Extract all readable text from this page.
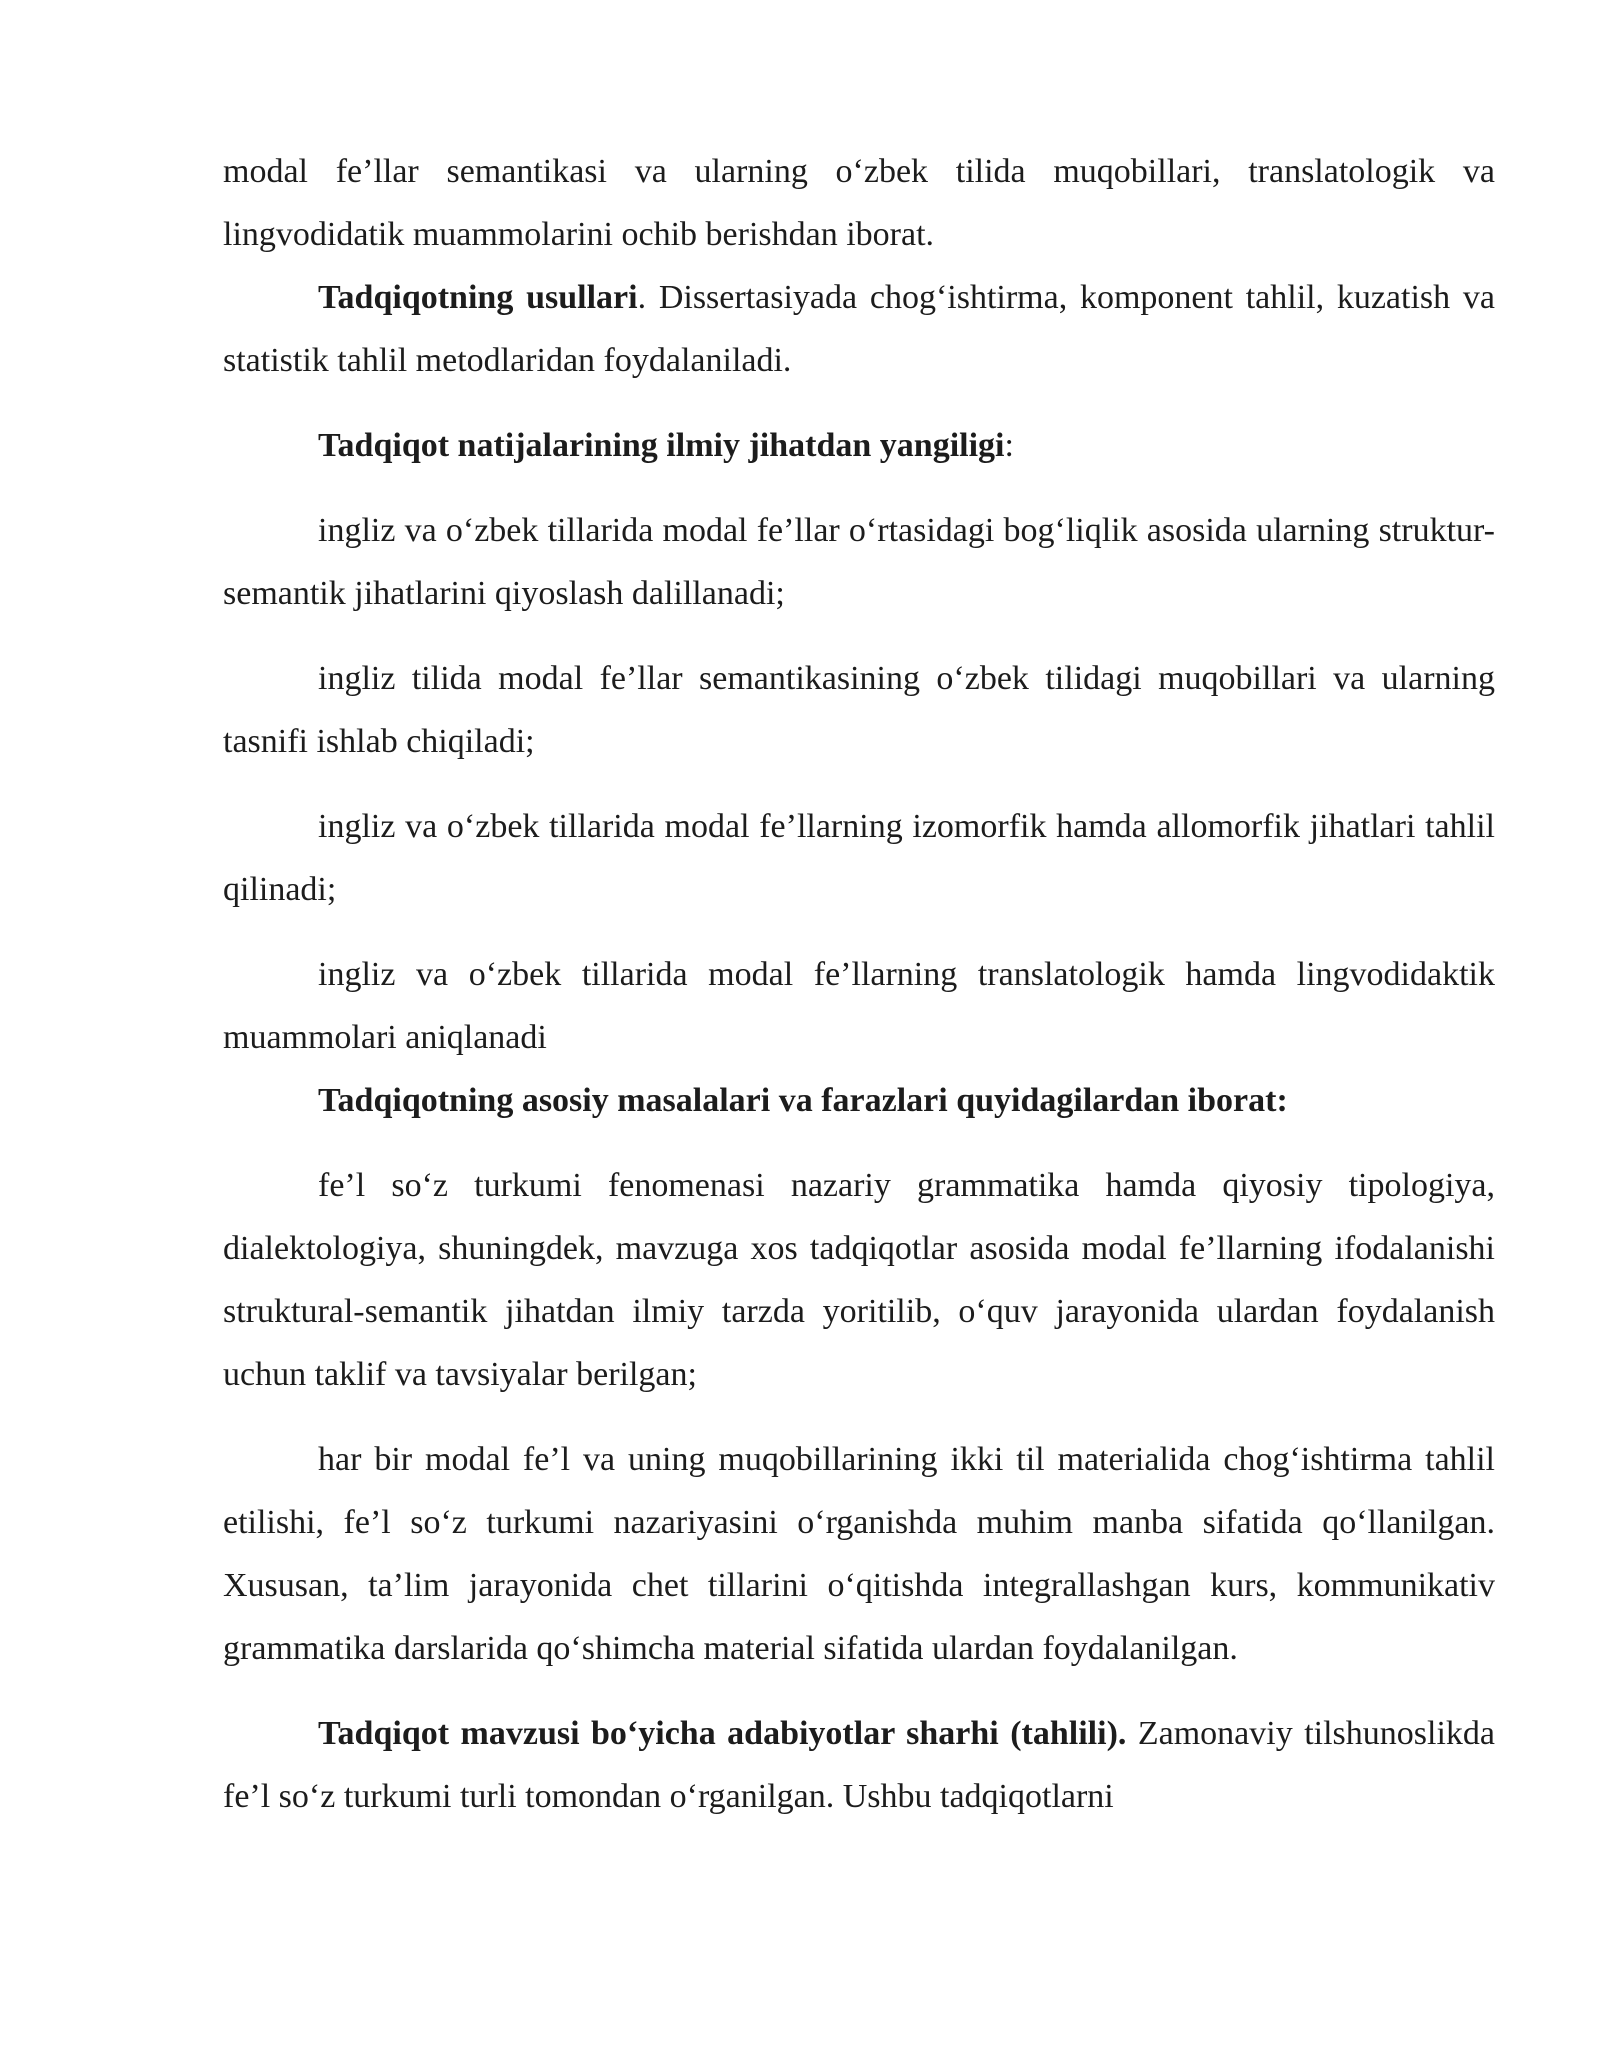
modal fe’llar semantikasi va ularning o‘zbek tilida muqobillari, translatologik va lingvodidatik muammolarini ochib berishdan iborat.

Tadqiqotning usullari. Dissertasiyada chog‘ishtirma, komponent tahlil, kuzatish va statistik tahlil metodlaridan foydalaniladi.

Tadqiqot natijalarining ilmiy jihatdan yangiligi:

ingliz va o‘zbek tillarida modal fe’llar o‘rtasidagi bog‘liqlik asosida ularning struktur-semantik jihatlarini qiyoslash dalillanadi;

ingliz tilida modal fe’llar semantikasining o‘zbek tilidagi muqobillari va ularning tasnifi ishlab chiqiladi;

ingliz va o‘zbek tillarida modal fe’llarning izomorfik hamda allomorfik jihatlari tahlil qilinadi;

ingliz va o‘zbek tillarida modal fe’llarning translatologik hamda lingvodidaktik muammolari aniqlanadi

Tadqiqotning asosiy masalalari va farazlari quyidagilardan iborat:

fe’l so‘z turkumi fenomenasi nazariy grammatika hamda qiyosiy tipologiya, dialektologiya, shuningdek, mavzuga xos tadqiqotlar asosida modal fe’llarning ifodalanishi struktural-semantik jihatdan ilmiy tarzda yoritilib, o‘quv jarayonida ulardan foydalanish uchun taklif va tavsiyalar berilgan;

har bir modal fe’l va uning muqobillarining ikki til materialida chog‘ishtirma tahlil etilishi, fe’l so‘z turkumi nazariyasini o‘rganishda muhim manba sifatida qo‘llanilgan. Xususan, ta’lim jarayonida chet tillarini o‘qitishda integrallashgan kurs, kommunikativ grammatika darslarida qo‘shimcha material sifatida ulardan foydalanilgan.

Tadqiqot mavzusi bo‘yicha adabiyotlar sharhi (tahlili). Zamonaviy tilshunoslikda fe’l so‘z turkumi turli tomondan o‘rganilgan. Ushbu tadqiqotlarni
